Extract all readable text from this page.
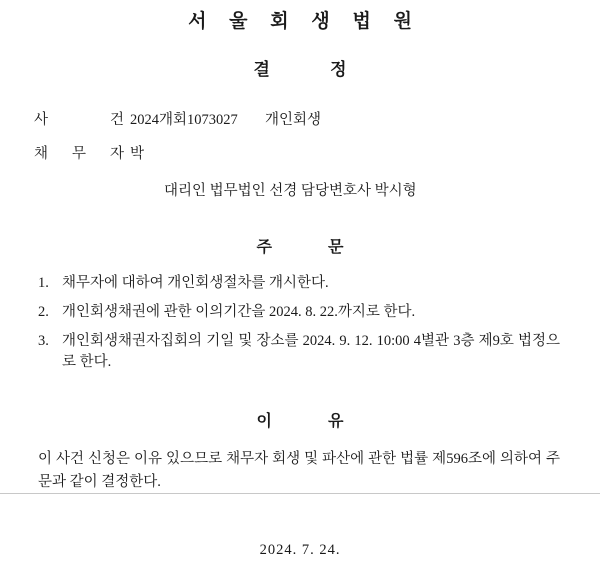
서 울 회 생 법 원
결 정
사	건 2024개회1073027 개인회생
채 무 자 박
대리인 법무법인 선경 담당변호사 박시형
주 문
1. 채무자에 대하여 개인회생절차를 개시한다.
2. 개인회생채권에 관한 이의기간을 2024. 8. 22.까지로 한다.
3. 개인회생채권자집회의 기일 및 장소를 2024. 9. 12. 10:00 4별관 3층 제9호 법정으로 한다.
이 유

이 사건 신청은 이유 있으므로 채무자 회생 및 파산에 관한 법률 제596조에 의하여 주문과 같이 결정한다.

2024. 7. 24.
